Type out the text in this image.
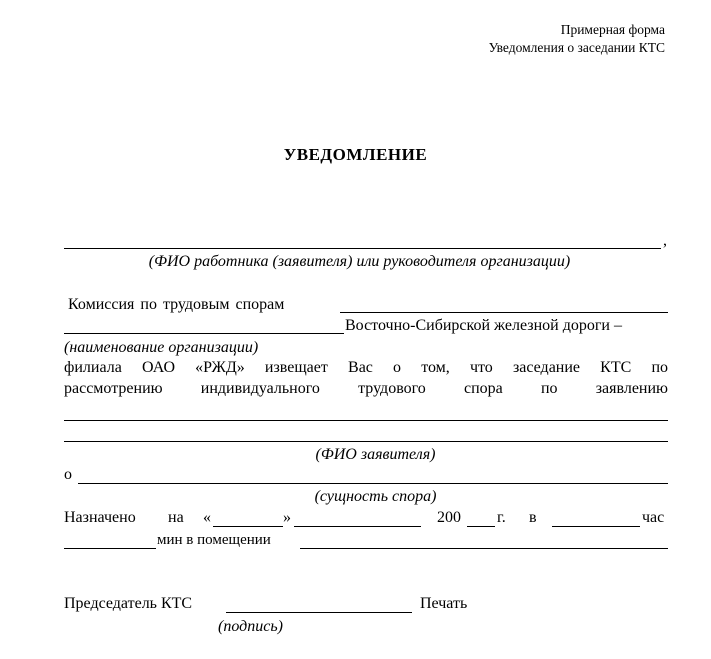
Примерная форма
Уведомления о заседании КТС
УВЕДОМЛЕНИЕ
,
(ФИО работника (заявителя) или руководителя организации)
Комиссия по трудовым спорам
Восточно-Сибирской железной дороги –
(наименование организации)
филиала ОАО «РЖД» извещает Вас о том, что заседание КТС по
рассмотрению индивидуального трудового спора по заявлению
(ФИО заявителя)
о
(сущность спора)
Назначено на «	»	200 г. в	час
мин в помещении
Председатель КТС	Печать
(подпись)
